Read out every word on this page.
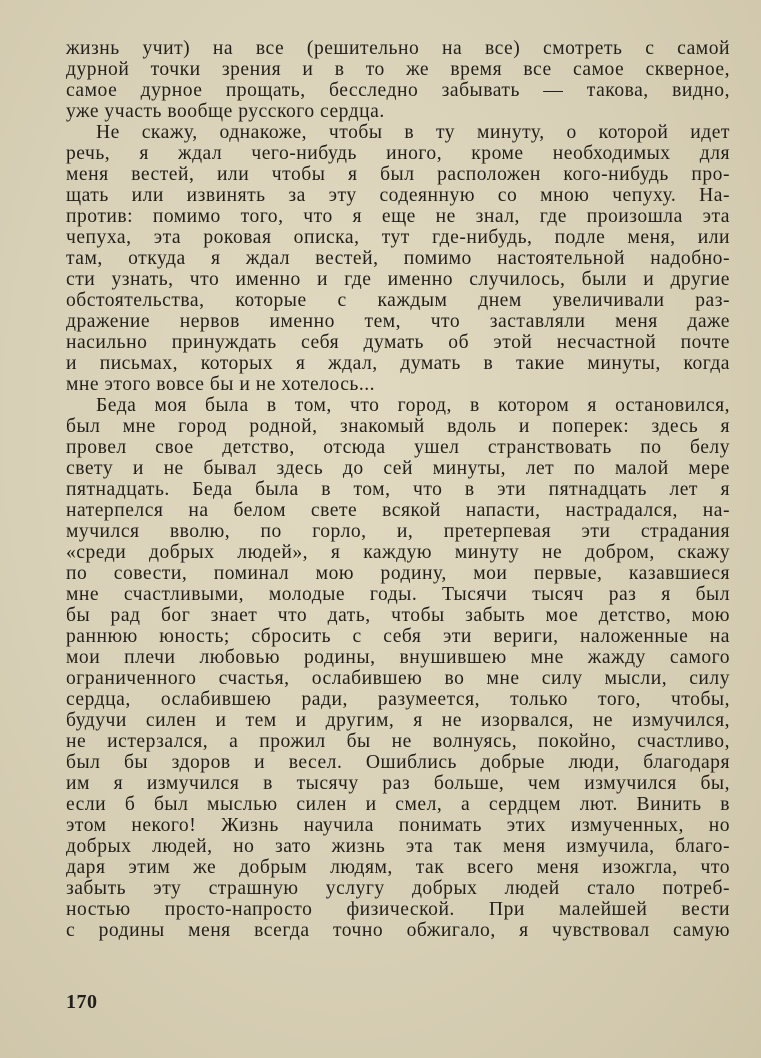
жизнь учит) на все (решительно на все) смотреть с самой
дурной точки зрения и в то же время все самое скверное,
самое дурное прощать, бесследно забывать — такова, видно,
уже участь вообще русского сердца.
Не скажу, однакоже, чтобы в ту минуту, о которой идет
речь, я ждал чего-нибудь иного, кроме необходимых для
меня вестей, или чтобы я был расположен кого-нибудь про-
щать или извинять за эту содеянную со мною чепуху. На-
против: помимо того, что я еще не знал, где произошла эта
чепуха, эта роковая описка, тут где-нибудь, подле меня, или
там, откуда я ждал вестей, помимо настоятельной надобно-
сти узнать, что именно и где именно случилось, были и другие
обстоятельства, которые с каждым днем увеличивали раз-
дражение нервов именно тем, что заставляли меня даже
насильно принуждать себя думать об этой несчастной почте
и письмах, которых я ждал, думать в такие минуты, когда
мне этого вовсе бы и не хотелось...
Беда моя была в том, что город, в котором я остановился,
был мне город родной, знакомый вдоль и поперек: здесь я
провел свое детство, отсюда ушел странствовать по белу
свету и не бывал здесь до сей минуты, лет по малой мере
пятнадцать. Беда была в том, что в эти пятнадцать лет я
натерпелся на белом свете всякой напасти, настрадался, на-
мучился вволю, по горло, и, претерпевая эти страдания
«среди добрых людей», я каждую минуту не добром, скажу
по совести, поминал мою родину, мои первые, казавшиеся
мне счастливыми, молодые годы. Тысячи тысяч раз я был
бы рад бог знает что дать, чтобы забыть мое детство, мою
раннюю юность; сбросить с себя эти вериги, наложенные на
мои плечи любовью родины, внушившею мне жажду самого
ограниченного счастья, ослабившею во мне силу мысли, силу
сердца, ослабившею ради, разумеется, только того, чтобы,
будучи силен и тем и другим, я не изорвался, не измучился,
не истерзался, а прожил бы не волнуясь, покойно, счастливо,
был бы здоров и весел. Ошиблись добрые люди, благодаря
им я измучился в тысячу раз больше, чем измучился бы,
если б был мыслью силен и смел, а сердцем лют. Винить в
этом некого! Жизнь научила понимать этих измученных, но
добрых людей, но зато жизнь эта так меня измучила, благо-
даря этим же добрым людям, так всего меня изожгла, что
забыть эту страшную услугу добрых людей стало потреб-
ностью просто-напросто физической. При малейшей вести
с родины меня всегда точно обжигало, я чувствовал самую
170
